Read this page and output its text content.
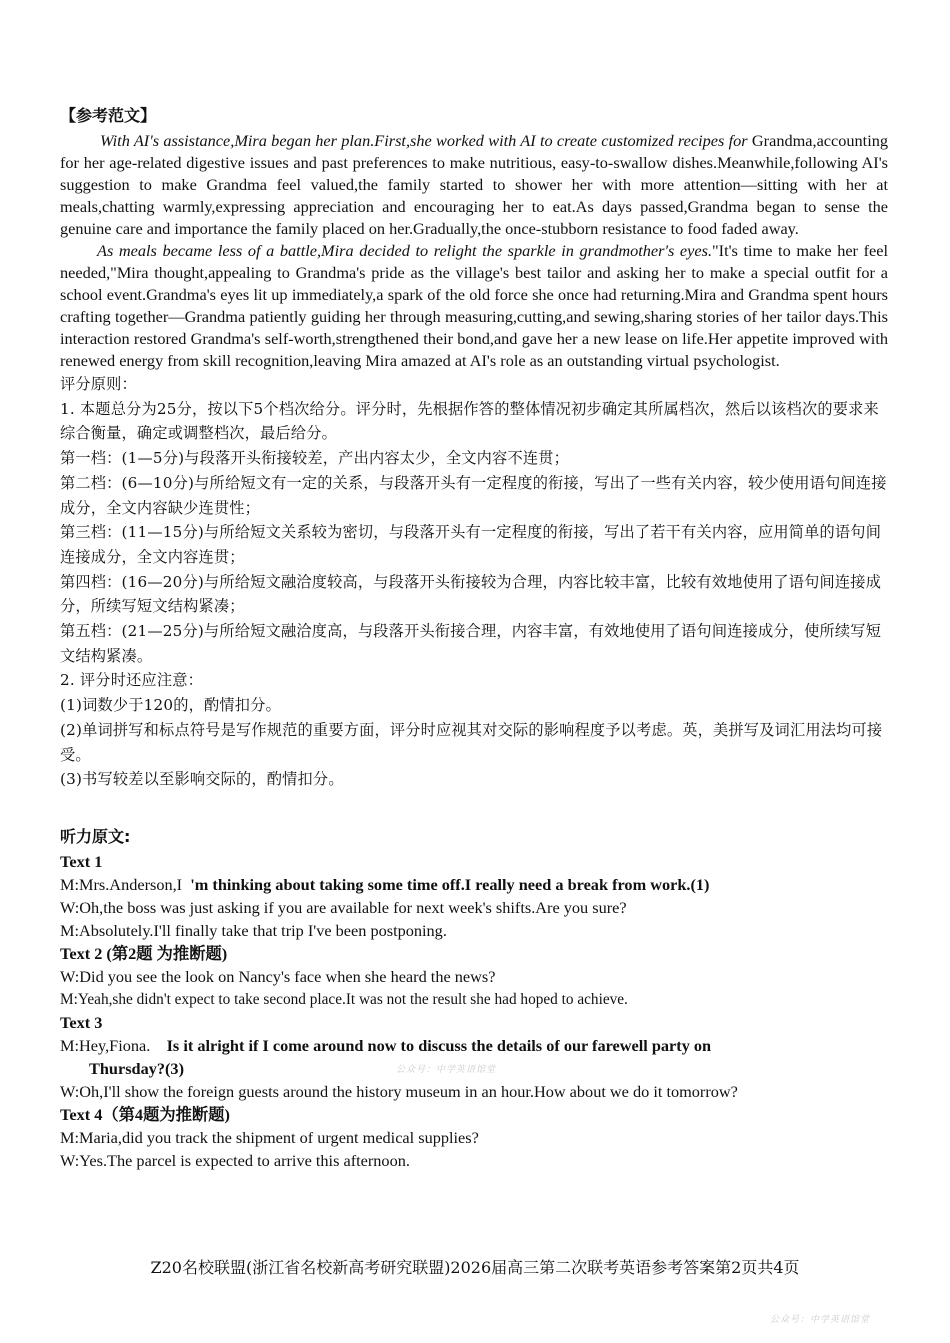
【参考范文】

With AI's assistance,Mira began her plan.First,she worked with AI to create customized recipes for Grandma,accounting for her age-related digestive issues and past preferences to make nutritious, easy-to-swallow dishes.Meanwhile,following AI's suggestion to make Grandma feel valued,the family started to shower her with more attention—sitting with her at meals,chatting warmly,expressing appreciation and encouraging her to eat.As days passed,Grandma began to sense the genuine care and importance the family placed on her.Gradually,the once-stubborn resistance to food faded away.

As meals became less of a battle,Mira decided to relight the sparkle in grandmother's eyes."It's time to make her feel needed,"Mira thought,appealing to Grandma's pride as the village's best tailor and asking her to make a special outfit for a school event.Grandma's eyes lit up immediately,a spark of the old force she once had returning.Mira and Grandma spent hours crafting together—Grandma patiently guiding her through measuring,cutting,and sewing,sharing stories of her tailor days.This interaction restored Grandma's self-worth,strengthened their bond,and gave her a new lease on life.Her appetite improved with renewed energy from skill recognition,leaving Mira amazed at AI's role as an outstanding virtual psychologist.

评分原则：

1. 本题总分为25分，按以下5个档次给分。评分时，先根据作答的整体情况初步确定其所属档次，然后以该档次的要求来综合衡量，确定或调整档次，最后给分。

第一档：(1—5分)与段落开头衔接较差，产出内容太少，全文内容不连贯；

第二档：(6—10分)与所给短文有一定的关系，与段落开头有一定程度的衔接，写出了一些有关内容，较少使用语句间连接成分，全文内容缺少连贯性；

第三档：(11—15分)与所给短文关系较为密切，与段落开头有一定程度的衔接，写出了若干有关内容，应用简单的语句间连接成分，全文内容连贯；

第四档：(16—20分)与所给短文融洽度较高，与段落开头衔接较为合理，内容比较丰富，比较有效地使用了语句间连接成分，所续写短文结构紧凑；

第五档：(21—25分)与所给短文融洽度高，与段落开头衔接合理，内容丰富，有效地使用了语句间连接成分，使所续写短文结构紧凑。

2. 评分时还应注意：

(1)词数少于120的，酌情扣分。

(2)单词拼写和标点符号是写作规范的重要方面，评分时应视其对交际的影响程度予以考虑。英，美拼写及词汇用法均可接受。

(3)书写较差以至影响交际的，酌情扣分。

听力原文:

Text 1

M:Mrs.Anderson,I 'm thinking about taking some time off.I really need a break from work.(1)

W:Oh,the boss was just asking if you are available for next week's shifts.Are you sure?

M:Absolutely.I'll finally take that trip I've been postponing.

Text 2 (第2题 为推断题)

W:Did you see the look on Nancy's face when she heard the news?

M:Yeah,she didn't expect to take second place.It was not the result she had hoped to achieve.

Text 3

M:Hey,Fiona. Is it alright if I come around now to discuss the details of our farewell party on

Thursday?(3)

W:Oh,I'll show the foreign guests around the history museum in an hour.How about we do it tomorrow?

Text 4（第4题为推断题)

M:Maria,did you track the shipment of urgent medical supplies?

W:Yes.The parcel is expected to arrive this afternoon.

公众号：中学英语馆堂
Z20名校联盟(浙江省名校新高考研究联盟)2026届高三第二次联考英语参考答案第2页共4页
公众号：中学英语馆堂
